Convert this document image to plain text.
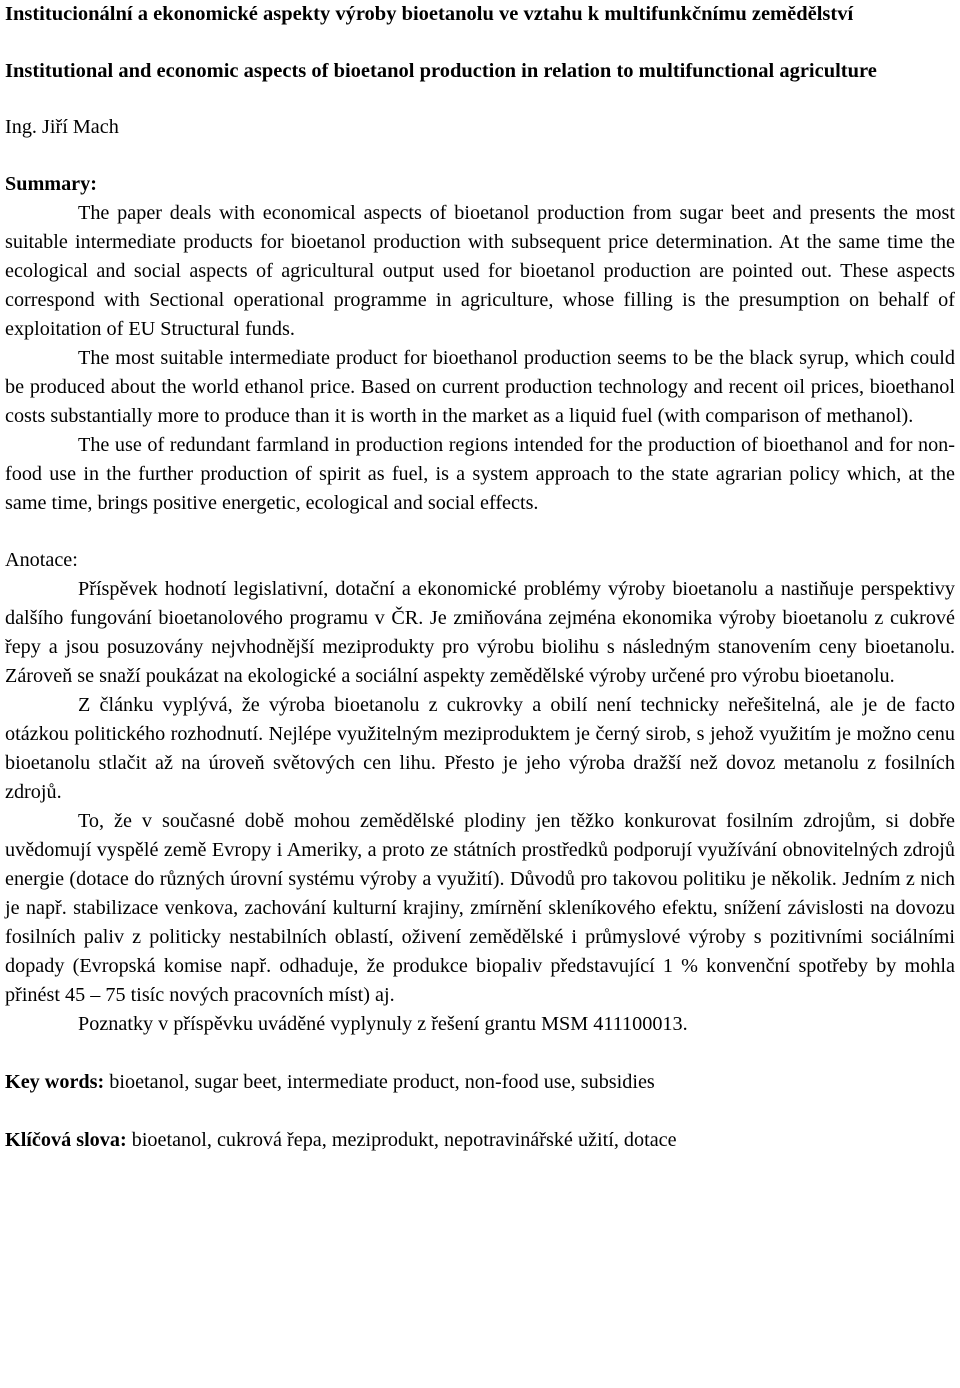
Institucionální a ekonomické aspekty výroby bioetanolu ve vztahu k multifunkčnímu zemědělství

Institutional and economic aspects of bioetanol production in relation to multifunctional agriculture

Ing. Jiří Mach
Summary:

The paper deals with economical aspects of bioetanol production from sugar beet and presents the most suitable intermediate products for bioetanol production with subsequent price determination. At the same time the ecological and social aspects of agricultural output used for bioetanol production are pointed out. These aspects correspond with Sectional operational programme in agriculture, whose filling is the presumption on behalf of exploitation of EU Structural funds.

The most suitable intermediate product for bioethanol production seems to be the black syrup, which could be produced about the world ethanol price. Based on current production technology and recent oil prices, bioethanol costs substantially more to produce than it is worth in the market as a liquid fuel (with comparison of methanol).

The use of redundant farmland in production regions intended for the production of bioethanol and for non-food use in the further production of spirit as fuel, is a system approach to the state agrarian policy which, at the same time, brings positive energetic, ecological and social effects.

Anotace:

Příspěvek hodnotí legislativní, dotační a ekonomické problémy výroby bioetanolu a nastiňuje perspektivy dalšího fungování bioetanolového programu v ČR. Je zmiňována zejména ekonomika výroby bioetanolu z cukrové řepy a jsou posuzovány nejvhodnější meziprodukty pro výrobu biolihu s následným stanovením ceny bioetanolu. Zároveň se snaží poukázat na ekologické a sociální aspekty zemědělské výroby určené pro výrobu bioetanolu.

Z článku vyplývá, že výroba bioetanolu z cukrovky a obilí není technicky neřešitelná, ale je de facto otázkou politického rozhodnutí. Nejlépe využitelným meziproduktem je černý sirob, s jehož využitím je možno cenu bioetanolu stlačit až na úroveň světových cen lihu. Přesto je jeho výroba dražší než dovoz metanolu z fosilních zdrojů.

To, že v současné době mohou zemědělské plodiny jen těžko konkurovat fosilním zdrojům, si dobře uvědomují vyspělé země Evropy i Ameriky, a proto ze státních prostředků podporují využívání obnovitelných zdrojů energie (dotace do různých úrovní systému výroby a využití). Důvodů pro takovou politiku je několik. Jedním z nich je např. stabilizace venkova, zachování kulturní krajiny, zmírnění skleníkového efektu, snížení závislosti na dovozu fosilních paliv z politicky nestabilních oblastí, oživení zemědělské i průmyslové výroby s pozitivními sociálními dopady (Evropská komise např. odhaduje, že produkce biopaliv představující 1 % konvenční spotřeby by mohla přinést 45 – 75 tisíc nových pracovních míst) aj.

Poznatky v příspěvku uváděné vyplynuly z řešení grantu MSM 411100013.

Key words: bioetanol, sugar beet, intermediate product, non-food use, subsidies
Klíčová slova: bioetanol, cukrová řepa, meziprodukt, nepotravinářské užití, dotace
